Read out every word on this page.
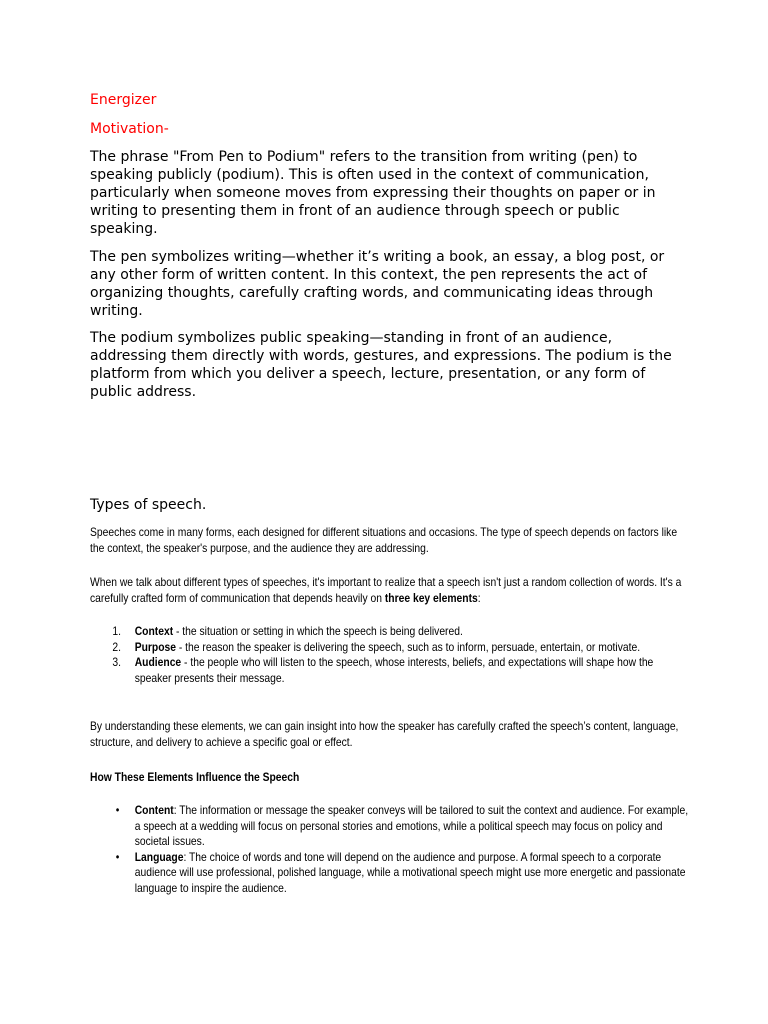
Energizer
Motivation-

The phrase "From Pen to Podium" refers to the transition from writing (pen) to speaking publicly (podium). This is often used in the context of communication, particularly when someone moves from expressing their thoughts on paper or in writing to presenting them in front of an audience through speech or public speaking.

The pen symbolizes writing—whether it’s writing a book, an essay, a blog post, or any other form of written content. In this context, the pen represents the act of organizing thoughts, carefully crafting words, and communicating ideas through writing.

The podium symbolizes public speaking—standing in front of an audience, addressing them directly with words, gestures, and expressions. The podium is the platform from which you deliver a speech, lecture, presentation, or any form of public address.

Types of speech.

Speeches come in many forms, each designed for different situations and occasions. The type of speech depends on factors like the context, the speaker's purpose, and the audience they are addressing.

When we talk about different types of speeches, it's important to realize that a speech isn't just a random collection of words. It's a carefully crafted form of communication that depends heavily on three key elements:

1. Context - the situation or setting in which the speech is being delivered.
2. Purpose - the reason the speaker is delivering the speech, such as to inform, persuade, entertain, or motivate.
3. Audience - the people who will listen to the speech, whose interests, beliefs, and expectations will shape how the speaker presents their message.

By understanding these elements, we can gain insight into how the speaker has carefully crafted the speech’s content, language, structure, and delivery to achieve a specific goal or effect.

How These Elements Influence the Speech

• Content: The information or message the speaker conveys will be tailored to suit the context and audience. For example, a speech at a wedding will focus on personal stories and emotions, while a political speech may focus on policy and societal issues.
• Language: The choice of words and tone will depend on the audience and purpose. A formal speech to a corporate audience will use professional, polished language, while a motivational speech might use more energetic and passionate language to inspire the audience.
